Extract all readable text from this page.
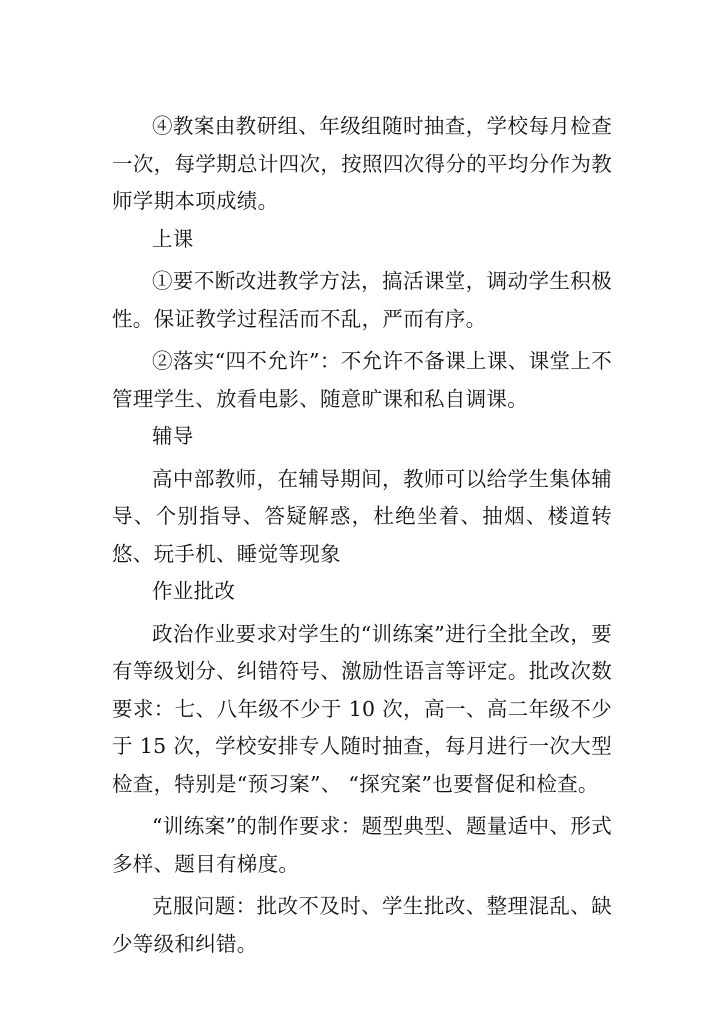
④教案由教研组、年级组随时抽查，学校每月检查一次，每学期总计四次，按照四次得分的平均分作为教师学期本项成绩。

上课

①要不断改进教学方法，搞活课堂，调动学生积极性。保证教学过程活而不乱，严而有序。

②落实“四不允许”：不允许不备课上课、课堂上不管理学生、放看电影、随意旷课和私自调课。

辅导

高中部教师，在辅导期间，教师可以给学生集体辅导、个别指导、答疑解惑，杜绝坐着、抽烟、楼道转悠、玩手机、睡觉等现象

作业批改

政治作业要求对学生的“训练案”进行全批全改，要有等级划分、纠错符号、激励性语言等评定。批改次数要求：七、八年级不少于 10 次，高一、高二年级不少于 15 次，学校安排专人随时抽查，每月进行一次大型检查，特别是“预习案”、 “探究案”也要督促和检查。

“训练案”的制作要求：题型典型、题量适中、形式多样、题目有梯度。

克服问题：批改不及时、学生批改、整理混乱、缺少等级和纠错。
